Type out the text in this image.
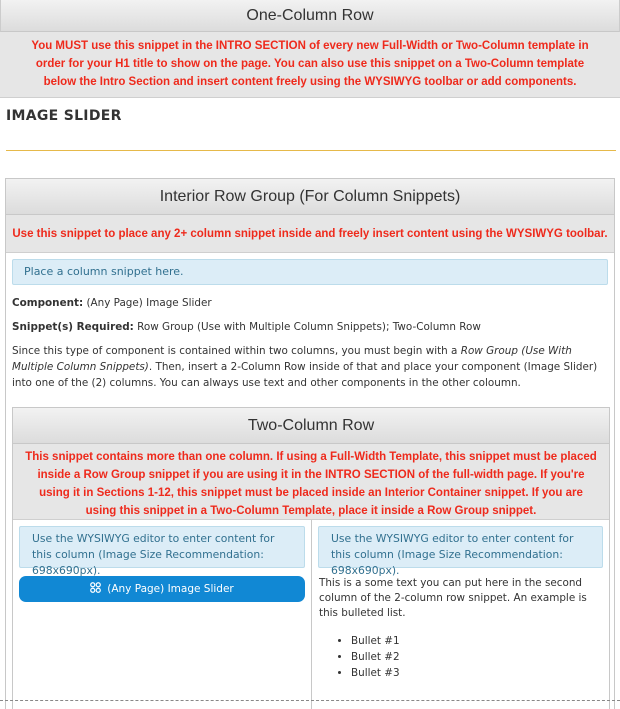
One-Column Row
You MUST use this snippet in the INTRO SECTION of every new Full-Width or Two-Column template in order for your H1 title to show on the page. You can also use this snippet on a Two-Column template below the Intro Section and insert content freely using the WYSIWYG toolbar or add components.
IMAGE SLIDER
Interior Row Group (For Column Snippets)
Use this snippet to place any 2+ column snippet inside and freely insert content using the WYSIWYG toolbar.
Place a column snippet here.

Component: (Any Page) Image Slider

Snippet(s) Required: Row Group (Use with Multiple Column Snippets); Two-Column Row

Since this type of component is contained within two columns, you must begin with a Row Group (Use With Multiple Column Snippets). Then, insert a 2-Column Row inside of that and place your component (Image Slider) into one of the (2) columns. You can always use text and other components in the other coloumn.

Two-Column Row
This snippet contains more than one column. If using a Full-Width Template, this snippet must be placed inside a Row Group snippet if you are using it in the INTRO SECTION of the full-width page. If you're using it in Sections 1-12, this snippet must be placed inside an Interior Container snippet. If you are using this snippet in a Two-Column Template, place it inside a Row Group snippet.
Use the WYSIWYG editor to enter content for this column (Image Size Recommendation: 698x690px).
(Any Page) Image Slider
Use the WYSIWYG editor to enter content for this column (Image Size Recommendation: 698x690px).

This is a some text you can put here in the second column of the 2-column row snippet. An example is this bulleted list.

• Bullet #1
• Bullet #2
• Bullet #3
